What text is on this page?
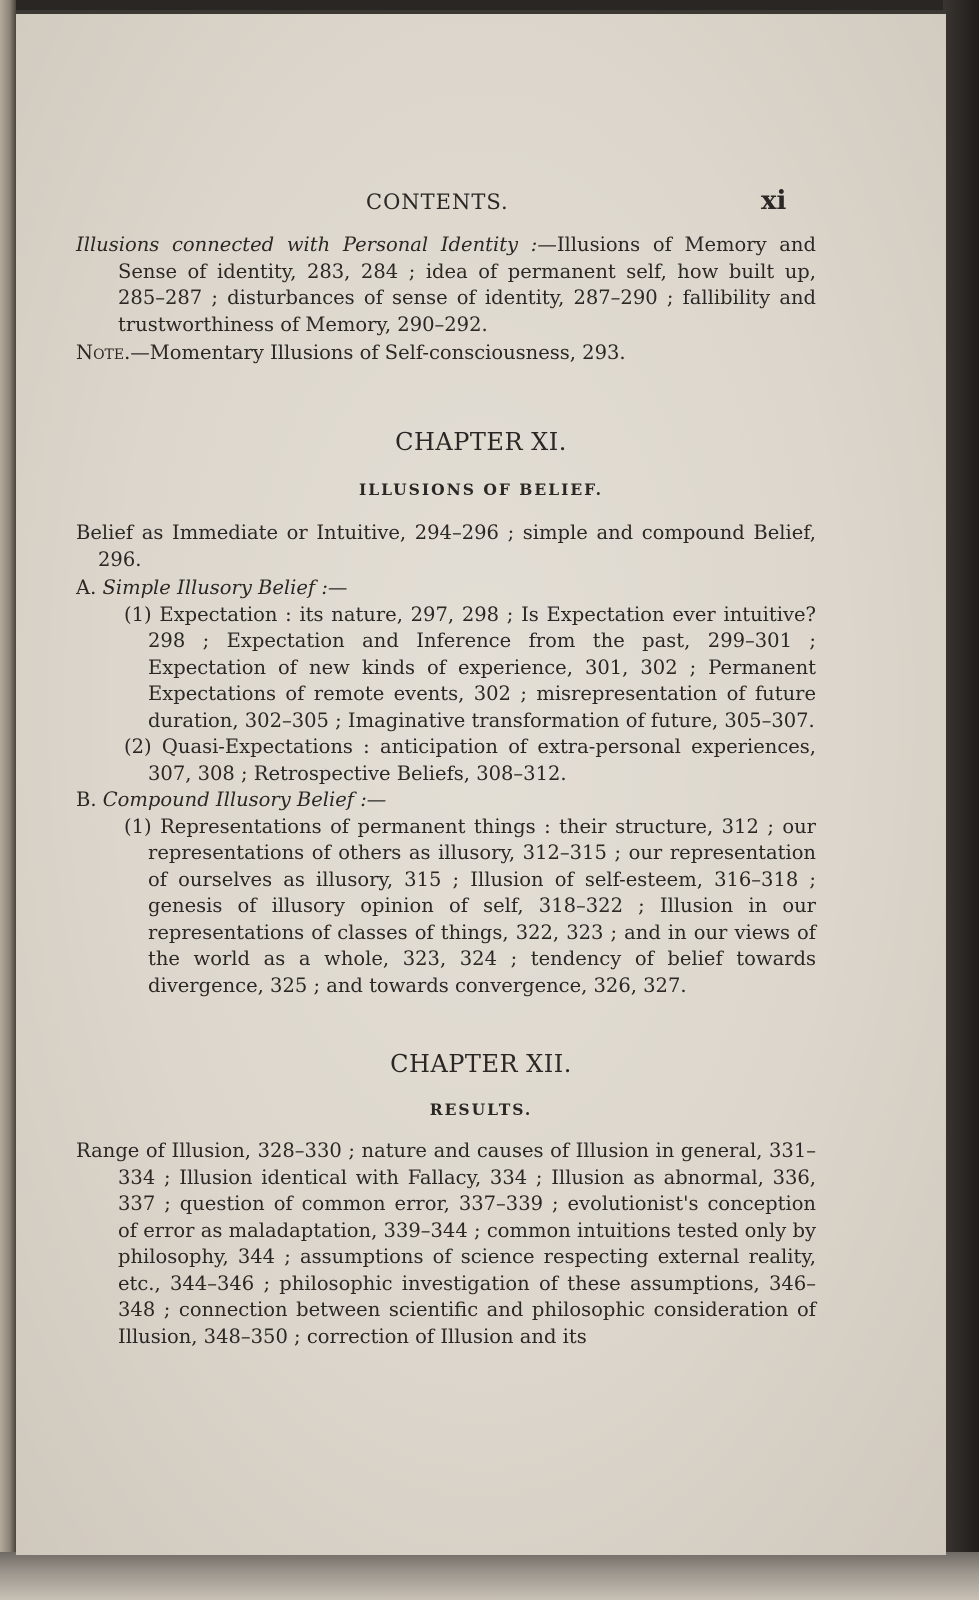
CONTENTS.	xi

Illusions connected with Personal Identity :—Illusions of Memory and Sense of identity, 283, 284 ; idea of permanent self, how built up, 285–287 ; disturbances of sense of identity, 287–290 ; fallibility and trustworthiness of Memory, 290–292.

Note.—Momentary Illusions of Self-consciousness, 293.

CHAPTER XI.
ILLUSIONS OF BELIEF.

Belief as Immediate or Intuitive, 294–296 ; simple and compound Belief, 296.

A. Simple Illusory Belief :—

(1) Expectation : its nature, 297, 298 ; Is Expectation ever intuitive? 298 ; Expectation and Inference from the past, 299–301 ; Expectation of new kinds of experience, 301, 302 ; Permanent Expectations of remote events, 302 ; misrepresentation of future duration, 302–305 ; Imaginative transformation of future, 305–307.

(2) Quasi-Expectations : anticipation of extra-personal experiences, 307, 308 ; Retrospective Beliefs, 308–312.

B. Compound Illusory Belief :—

(1) Representations of permanent things : their structure, 312 ; our representations of others as illusory, 312–315 ; our representation of ourselves as illusory, 315 ; Illusion of self-esteem, 316–318 ; genesis of illusory opinion of self, 318–322 ; Illusion in our representations of classes of things, 322, 323 ; and in our views of the world as a whole, 323, 324 ; tendency of belief towards divergence, 325 ; and towards convergence, 326, 327.

CHAPTER XII.
RESULTS.

Range of Illusion, 328–330 ; nature and causes of Illusion in general, 331–334 ; Illusion identical with Fallacy, 334 ; Illusion as abnormal, 336, 337 ; question of common error, 337–339 ; evolutionist's conception of error as maladaptation, 339–344 ; common intuitions tested only by philosophy, 344 ; assumptions of science respecting external reality, etc., 344–346 ; philosophic investigation of these assumptions, 346–348 ; connection between scientific and philosophic consideration of Illusion, 348–350 ; correction of Illusion and its
